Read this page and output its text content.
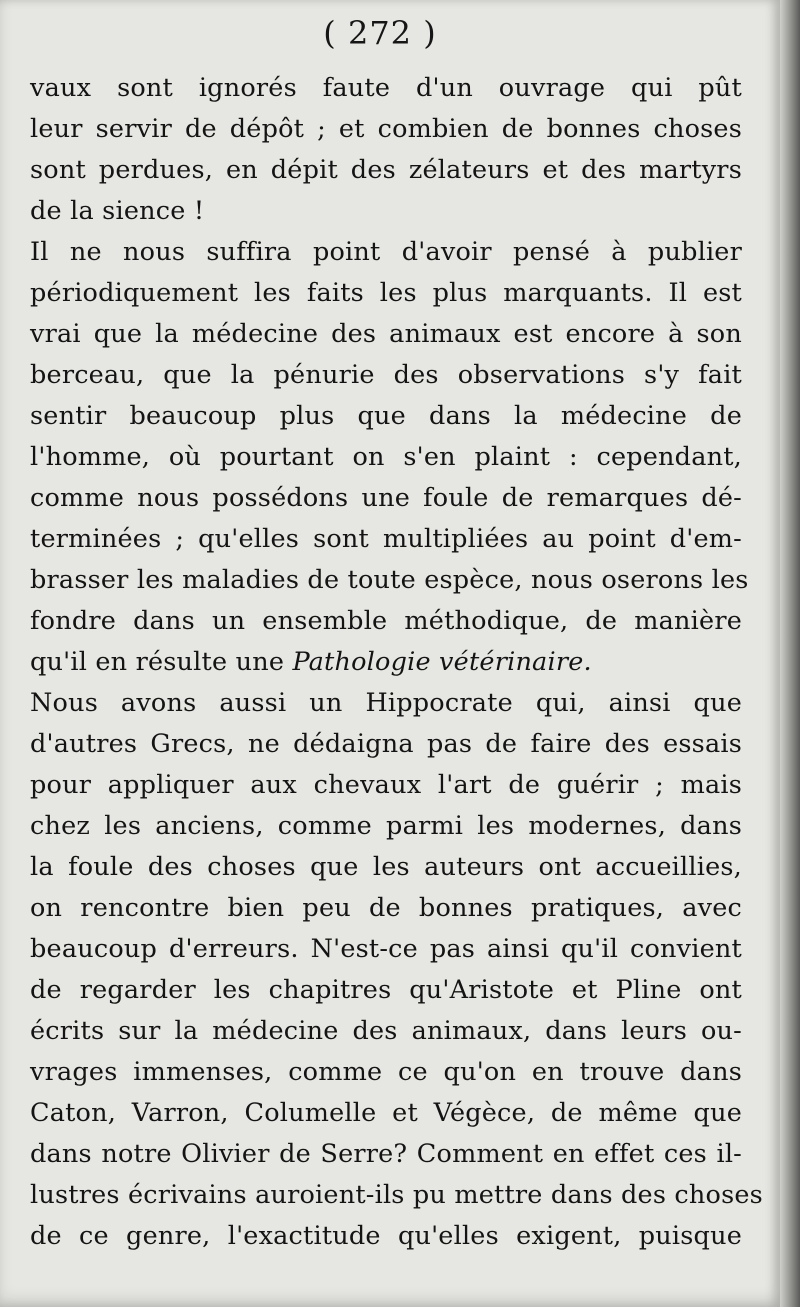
( 272 )
vaux sont ignorés faute d'un ouvrage qui pût
leur servir de dépôt ; et combien de bonnes choses
sont perdues, en dépit des zélateurs et des martyrs
de la sience !
Il ne nous suffira point d'avoir pensé à publier
périodiquement les faits les plus marquants. Il est
vrai que la médecine des animaux est encore à son
berceau, que la pénurie des observations s'y fait
sentir beaucoup plus que dans la médecine de
l'homme, où pourtant on s'en plaint : cependant,
comme nous possédons une foule de remarques dé-
terminées ; qu'elles sont multipliées au point d'em-
brasser les maladies de toute espèce, nous oserons les
fondre dans un ensemble méthodique, de manière
qu'il en résulte une Pathologie vétérinaire.
Nous avons aussi un Hippocrate qui, ainsi que
d'autres Grecs, ne dédaigna pas de faire des essais
pour appliquer aux chevaux l'art de guérir ; mais
chez les anciens, comme parmi les modernes, dans
la foule des choses que les auteurs ont accueillies,
on rencontre bien peu de bonnes pratiques, avec
beaucoup d'erreurs. N'est-ce pas ainsi qu'il convient
de regarder les chapitres qu'Aristote et Pline ont
écrits sur la médecine des animaux, dans leurs ou-
vrages immenses, comme ce qu'on en trouve dans
Caton, Varron, Columelle et Végèce, de même que
dans notre Olivier de Serre? Comment en effet ces il-
lustres écrivains auroient-ils pu mettre dans des choses
de ce genre, l'exactitude qu'elles exigent, puisque
